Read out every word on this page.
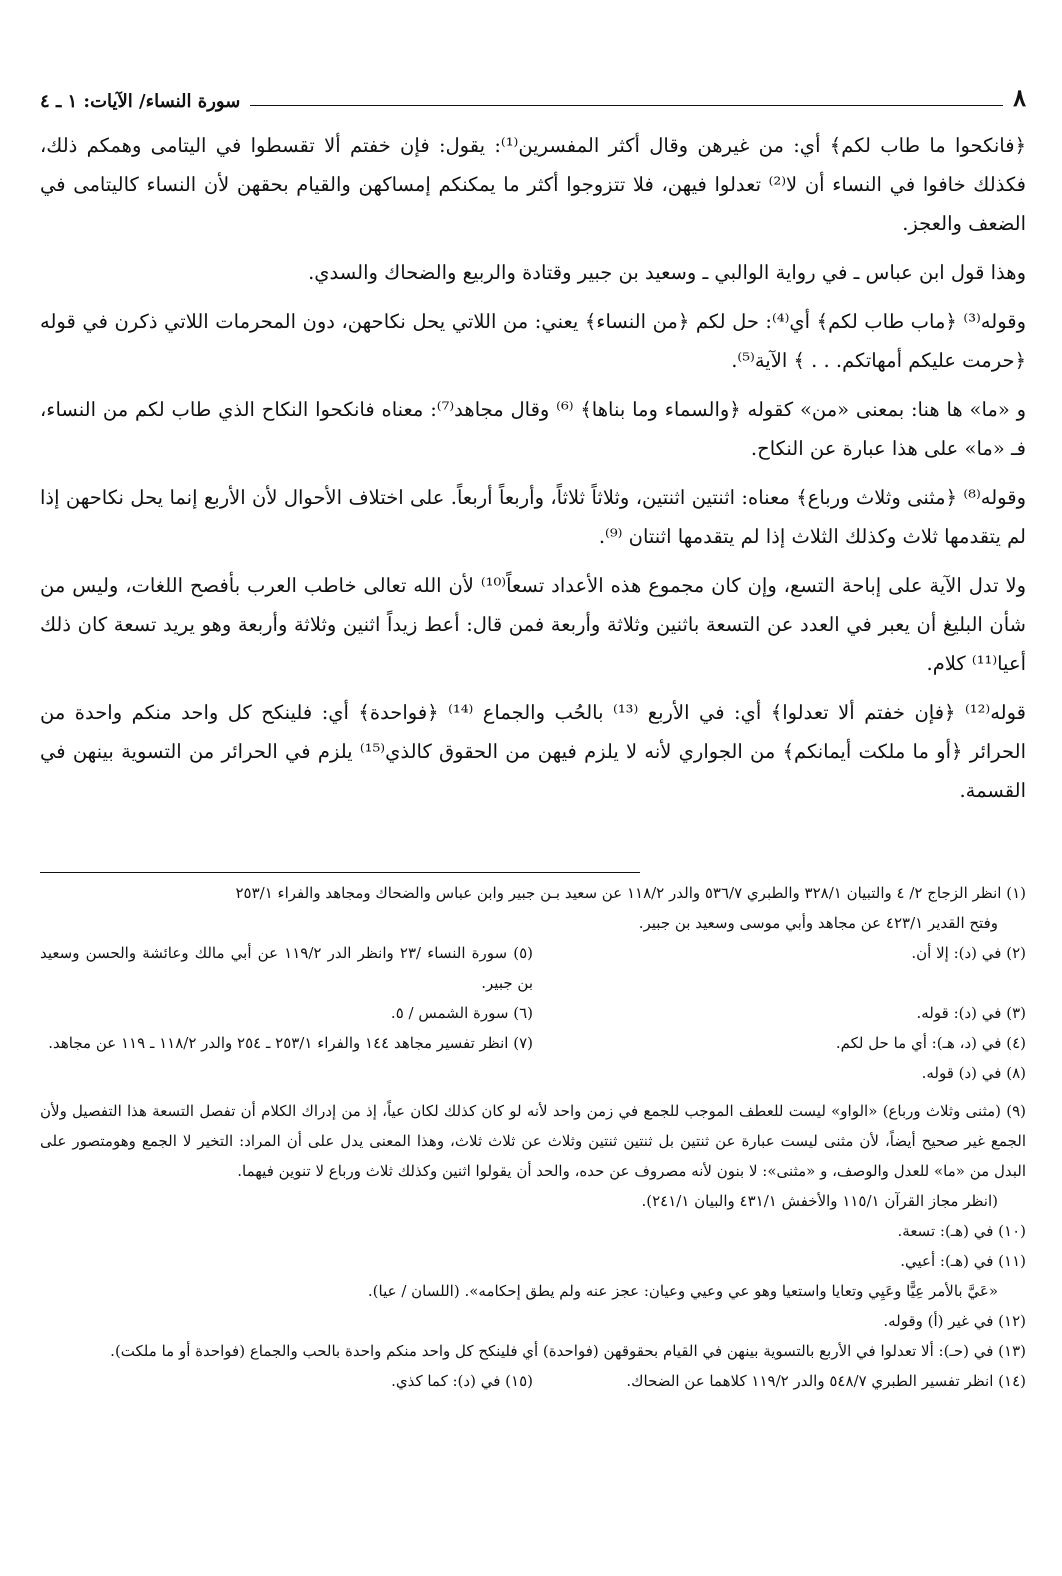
سورة النساء/ الآيات: ١ ـ ٤	٨

﴿فانكحوا ما طاب لكم﴾ أي: من غيرهن وقال أكثر المفسرين⁽¹⁾: يقول: فإن خفتم ألا تقسطوا في اليتامى وهمكم ذلك، فكذلك خافوا في النساء أن لا⁽²⁾ تعدلوا فيهن، فلا تتزوجوا أكثر ما يمكنكم إمساكهن والقيام بحقهن لأن النساء كاليتامى في الضعف والعجز.

وهذا قول ابن عباس ـ في رواية الوالبي ـ وسعيد بن جبير وقتادة والربيع والضحاك والسدي.

وقوله⁽³⁾ ﴿ماب طاب لكم﴾ أي⁽⁴⁾: حل لكم ﴿من النساء﴾ يعني: من اللاتي يحل نكاحهن، دون المحرمات اللاتي ذكرن في قوله ﴿حرمت عليكم أمهاتكم. . . ﴾ الآية⁽⁵⁾.

و «ما» ها هنا: بمعنى «من» كقوله ﴿والسماء وما بناها﴾ ⁽⁶⁾ وقال مجاهد⁽⁷⁾: معناه فانكحوا النكاح الذي طاب لكم من النساء، فـ «ما» على هذا عبارة عن النكاح.

وقوله⁽⁸⁾ ﴿مثنى وثلاث ورباع﴾ معناه: اثنتين اثنتين، وثلاثاً ثلاثاً، وأربعاً أربعاً. على اختلاف الأحوال لأن الأربع إنما يحل نكاحهن إذا لم يتقدمها ثلاث وكذلك الثلاث إذا لم يتقدمها اثنتان ⁽⁹⁾.

ولا تدل الآية على إباحة التسع، وإن كان مجموع هذه الأعداد تسعاً⁽¹⁰⁾ لأن الله تعالى خاطب العرب بأفصح اللغات، وليس من شأن البليغ أن يعبر في العدد عن التسعة باثنين وثلاثة وأربعة فمن قال: أعط زيداً اثنين وثلاثة وأربعة وهو يريد تسعة كان ذلك أعيا⁽¹¹⁾ كلام.

قوله⁽¹²⁾ ﴿فإن خفتم ألا تعدلوا﴾ أي: في الأربع ⁽¹³⁾ بالحُب والجماع ⁽¹⁴⁾ ﴿فواحدة﴾ أي: فلينكح كل واحد منكم واحدة من الحرائر ﴿أو ما ملكت أيمانكم﴾ من الجواري لأنه لا يلزم فيهن من الحقوق كالذي⁽¹⁵⁾ يلزم في الحرائر من التسوية بينهن في القسمة.

(١) انظر الزجاج ٢/ ٤ والتبيان ٣٢٨/١ والطبري ٥٣٦/٧ والدر ١١٨/٢ عن سعيد بـن جبير وابن عباس والضحاك ومجاهد والفراء ٢٥٣/١

وفتح القدير ٤٢٣/١ عن مجاهد وأبي موسى وسعيد بن جبير.

(٢) في (د): إلا أن.
(٥) سورة النساء /٢٣ وانظر الدر ١١٩/٢ عن أبي مالك وعائشة والحسن وسعيد بن جبير.
(٣) في (د): قوله.
(٦) سورة الشمس / ٥.
(٤) في (د، هـ): أي ما حل لكم.
(٧) انظر تفسير مجاهد ١٤٤ والفراء ٢٥٣/١ ـ ٢٥٤ والدر ١١٨/٢ ـ ١١٩ عن مجاهد.

(٨) في (د) قوله.

(٩) (مثنى وثلاث ورباع) «الواو» ليست للعطف الموجب للجمع في زمن واحد لأنه لو كان كذلك لكان عياً، إذ من إدراك الكلام أن تفصل التسعة هذا التفصيل ولأن الجمع غير صحيح أيضاً، لأن مثنى ليست عبارة عن ثنتين بل ثنتين ثنتين وثلاث عن ثلاث ثلاث، وهذا المعنى يدل على أن المراد: التخير لا الجمع وهومتصور على البدل من «ما» للعدل والوصف، و «مثنى»: لا بنون لأنه مصروف عن حده، والحد أن يقولوا اثنين وكذلك ثلاث ورباع لا تنوين فيهما.

(انظر مجاز القرآن ١١٥/١ والأخفش ٤٣١/١ والبيان ٢٤١/١).

(١٠) في (هـ): تسعة.

(١١) في (هـ): أعيي.

«عَيَّ بالأمر عِيًّا وعَيِي وتعايا واستعيا وهو عي وعيي وعيان: عجز عنه ولم يطق إحكامه». (اللسان / عيا).

(١٢) في غير (أ) وقوله.

(١٣) في (حـ): ألا تعدلوا في الأربع بالتسوية بينهن في القيام بحقوقهن (فواحدة) أي فلينكح كل واحد منكم واحدة بالحب والجماع (فواحدة أو ما ملكت).

(١٤) انظر تفسير الطبري ٥٤٨/٧ والدر ١١٩/٢ كلاهما عن الضحاك.
(١٥) في (د): كما كذي.
